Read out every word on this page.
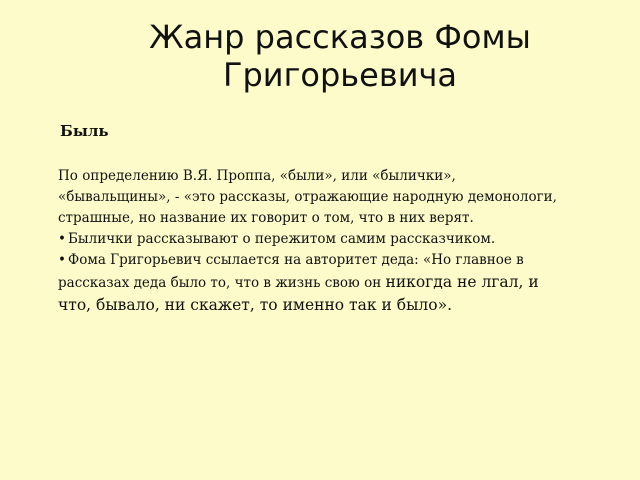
Жанр рассказов Фомы
Григорьевича

Быль

По определению В.Я. Проппа, «были», или «былички», «бывальщины», - «это рассказы, отражающие народную демонологи, страшные, но название их говорит о том, что в них верят.

• Былички рассказывают о пережитом самим рассказчиком.

• Фома Григорьевич ссылается на авторитет деда: «Но главное в рассказах деда было то, что в жизнь свою он никогда не лгал, и что, бывало, ни скажет, то именно так и было».
